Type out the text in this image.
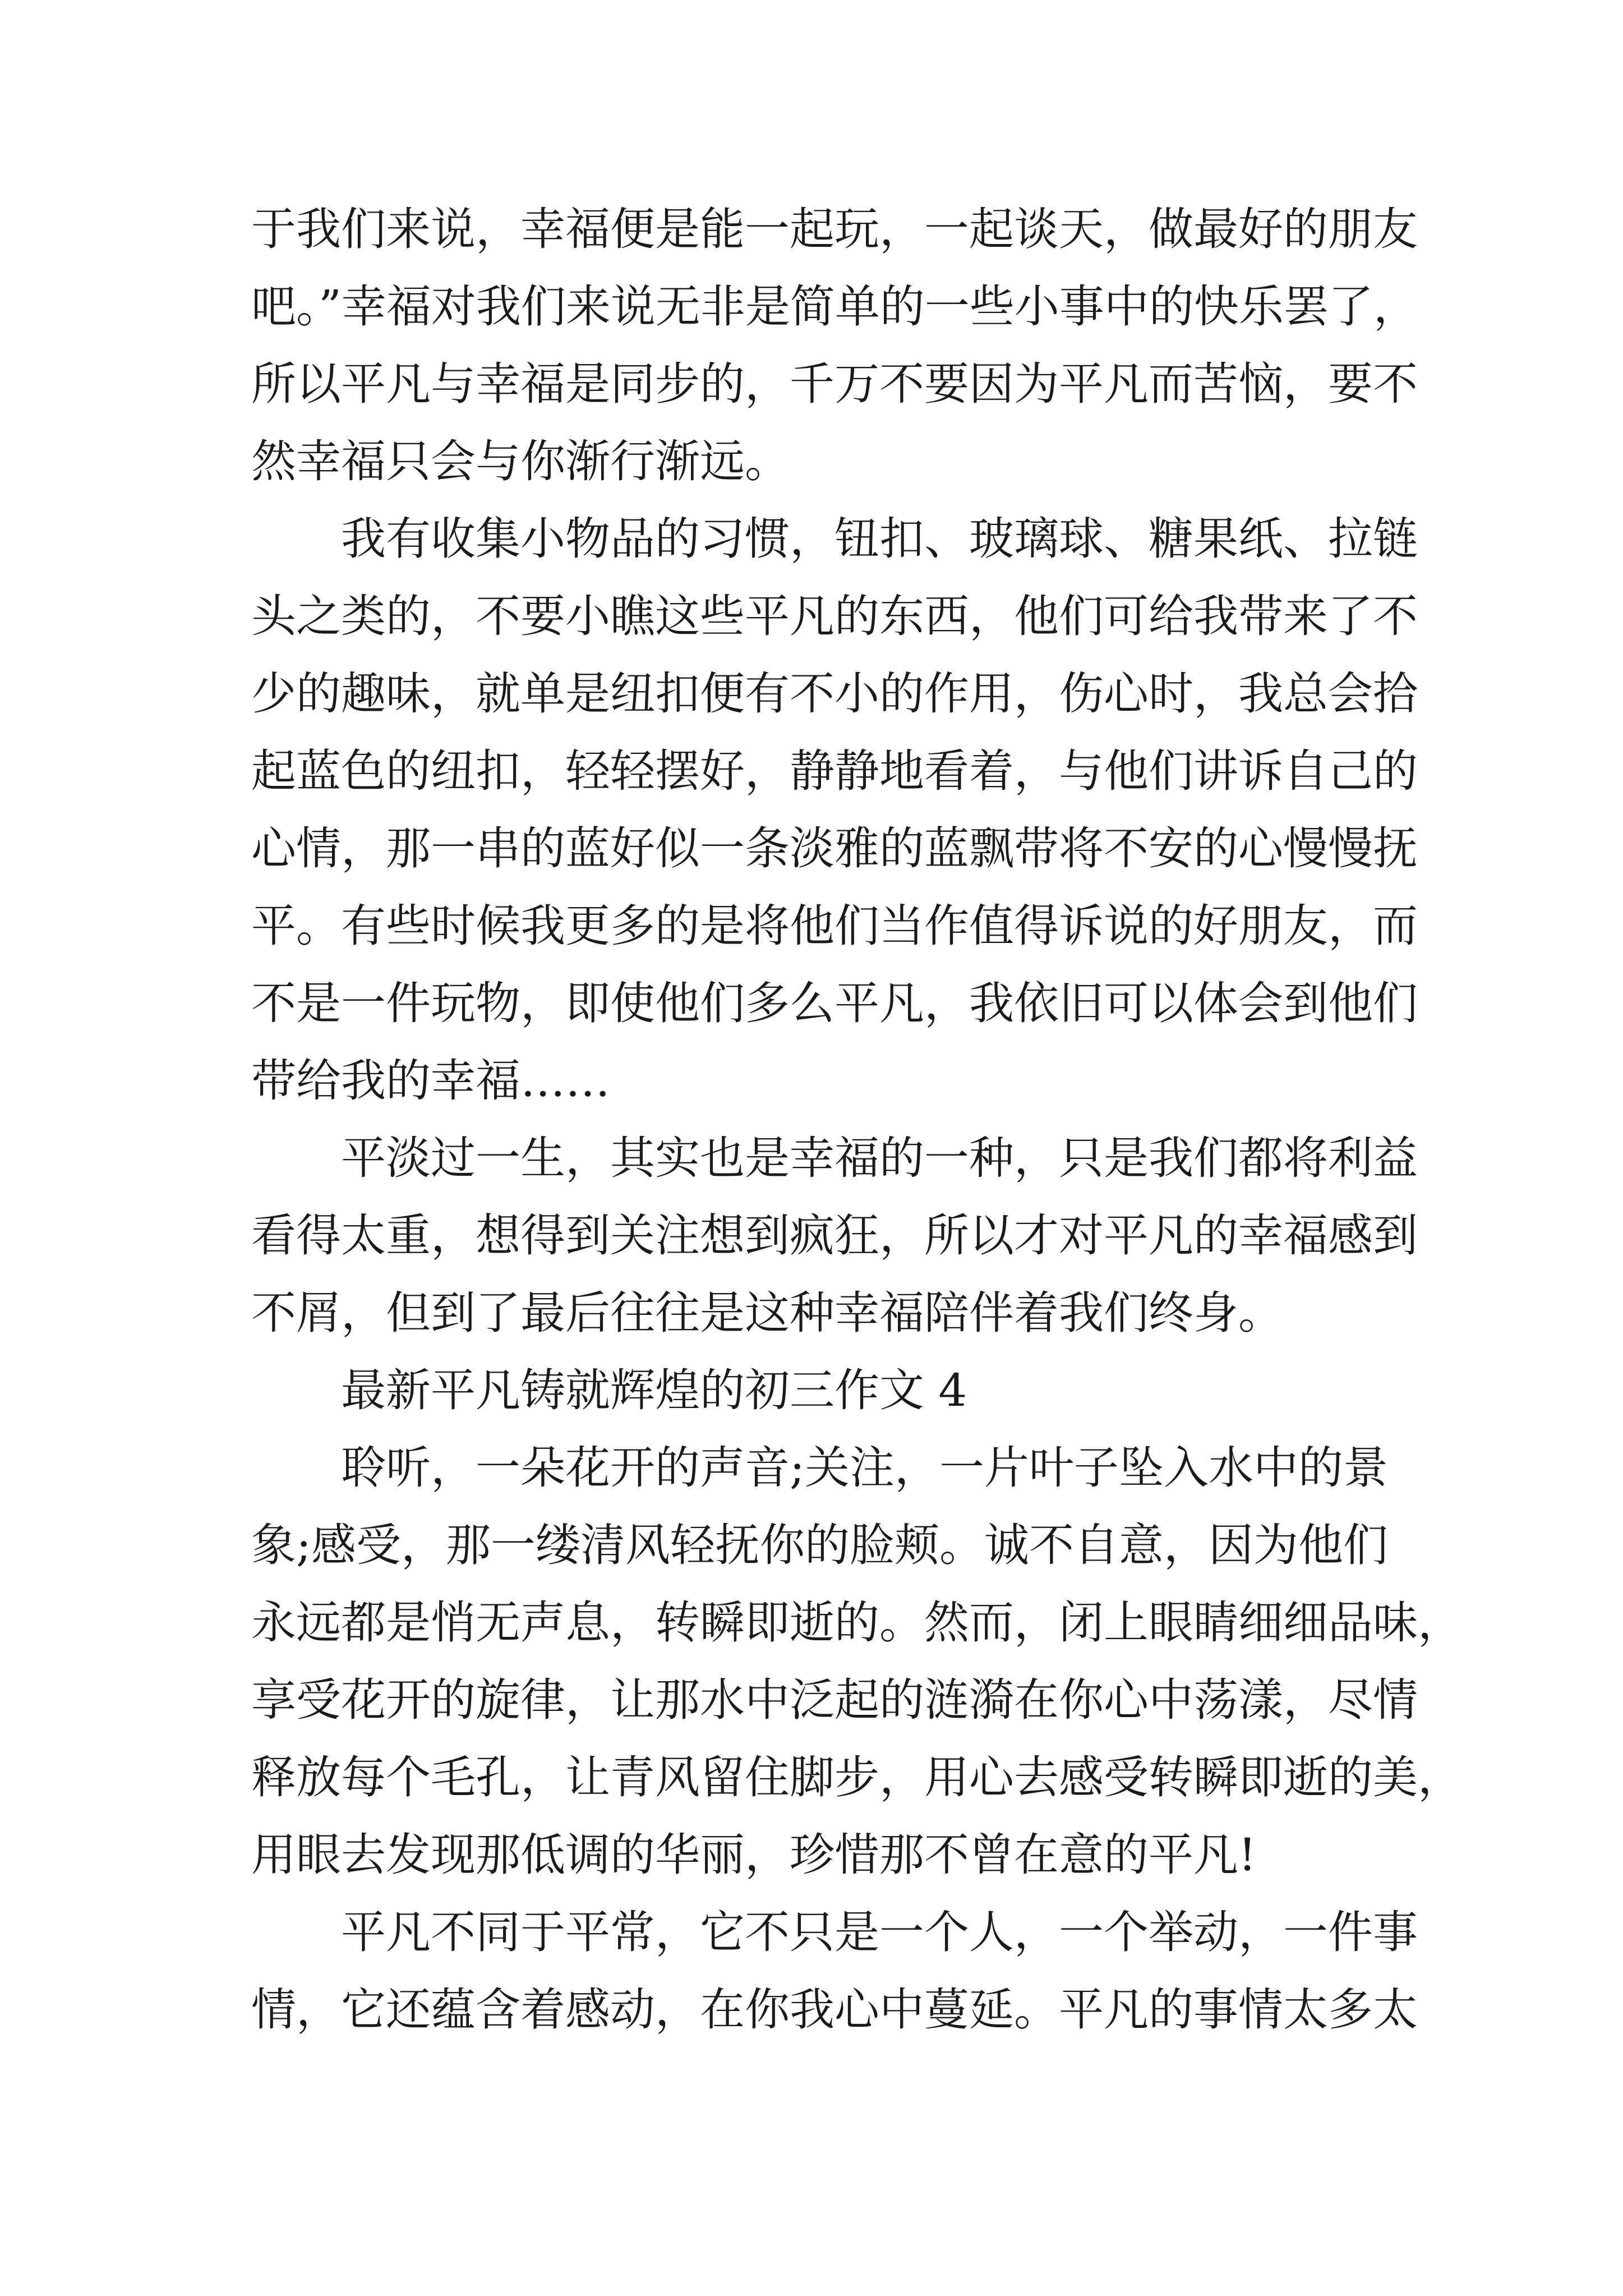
于我们来说，幸福便是能一起玩，一起谈天，做最好的朋友
吧。”幸福对我们来说无非是简单的一些小事中的快乐罢了，
所以平凡与幸福是同步的，千万不要因为平凡而苦恼，要不
然幸福只会与你渐行渐远。
我有收集小物品的习惯，钮扣、玻璃球、糖果纸、拉链
头之类的，不要小瞧这些平凡的东西，他们可给我带来了不
少的趣味，就单是纽扣便有不小的作用，伤心时，我总会拾
起蓝色的纽扣，轻轻摆好，静静地看着，与他们讲诉自己的
心情，那一串的蓝好似一条淡雅的蓝飘带将不安的心慢慢抚
平。有些时候我更多的是将他们当作值得诉说的好朋友，而
不是一件玩物，即使他们多么平凡，我依旧可以体会到他们
带给我的幸福……
平淡过一生，其实也是幸福的一种，只是我们都将利益
看得太重，想得到关注想到疯狂，所以才对平凡的幸福感到
不屑，但到了最后往往是这种幸福陪伴着我们终身。
最新平凡铸就辉煌的初三作文 4
聆听，一朵花开的声音;关注，一片叶子坠入水中的景
象;感受，那一缕清风轻抚你的脸颊。诚不自意，因为他们
永远都是悄无声息，转瞬即逝的。然而，闭上眼睛细细品味，
享受花开的旋律，让那水中泛起的涟漪在你心中荡漾，尽情
释放每个毛孔，让青风留住脚步，用心去感受转瞬即逝的美，
用眼去发现那低调的华丽，珍惜那不曾在意的平凡!
平凡不同于平常，它不只是一个人，一个举动，一件事
情，它还蕴含着感动，在你我心中蔓延。平凡的事情太多太
